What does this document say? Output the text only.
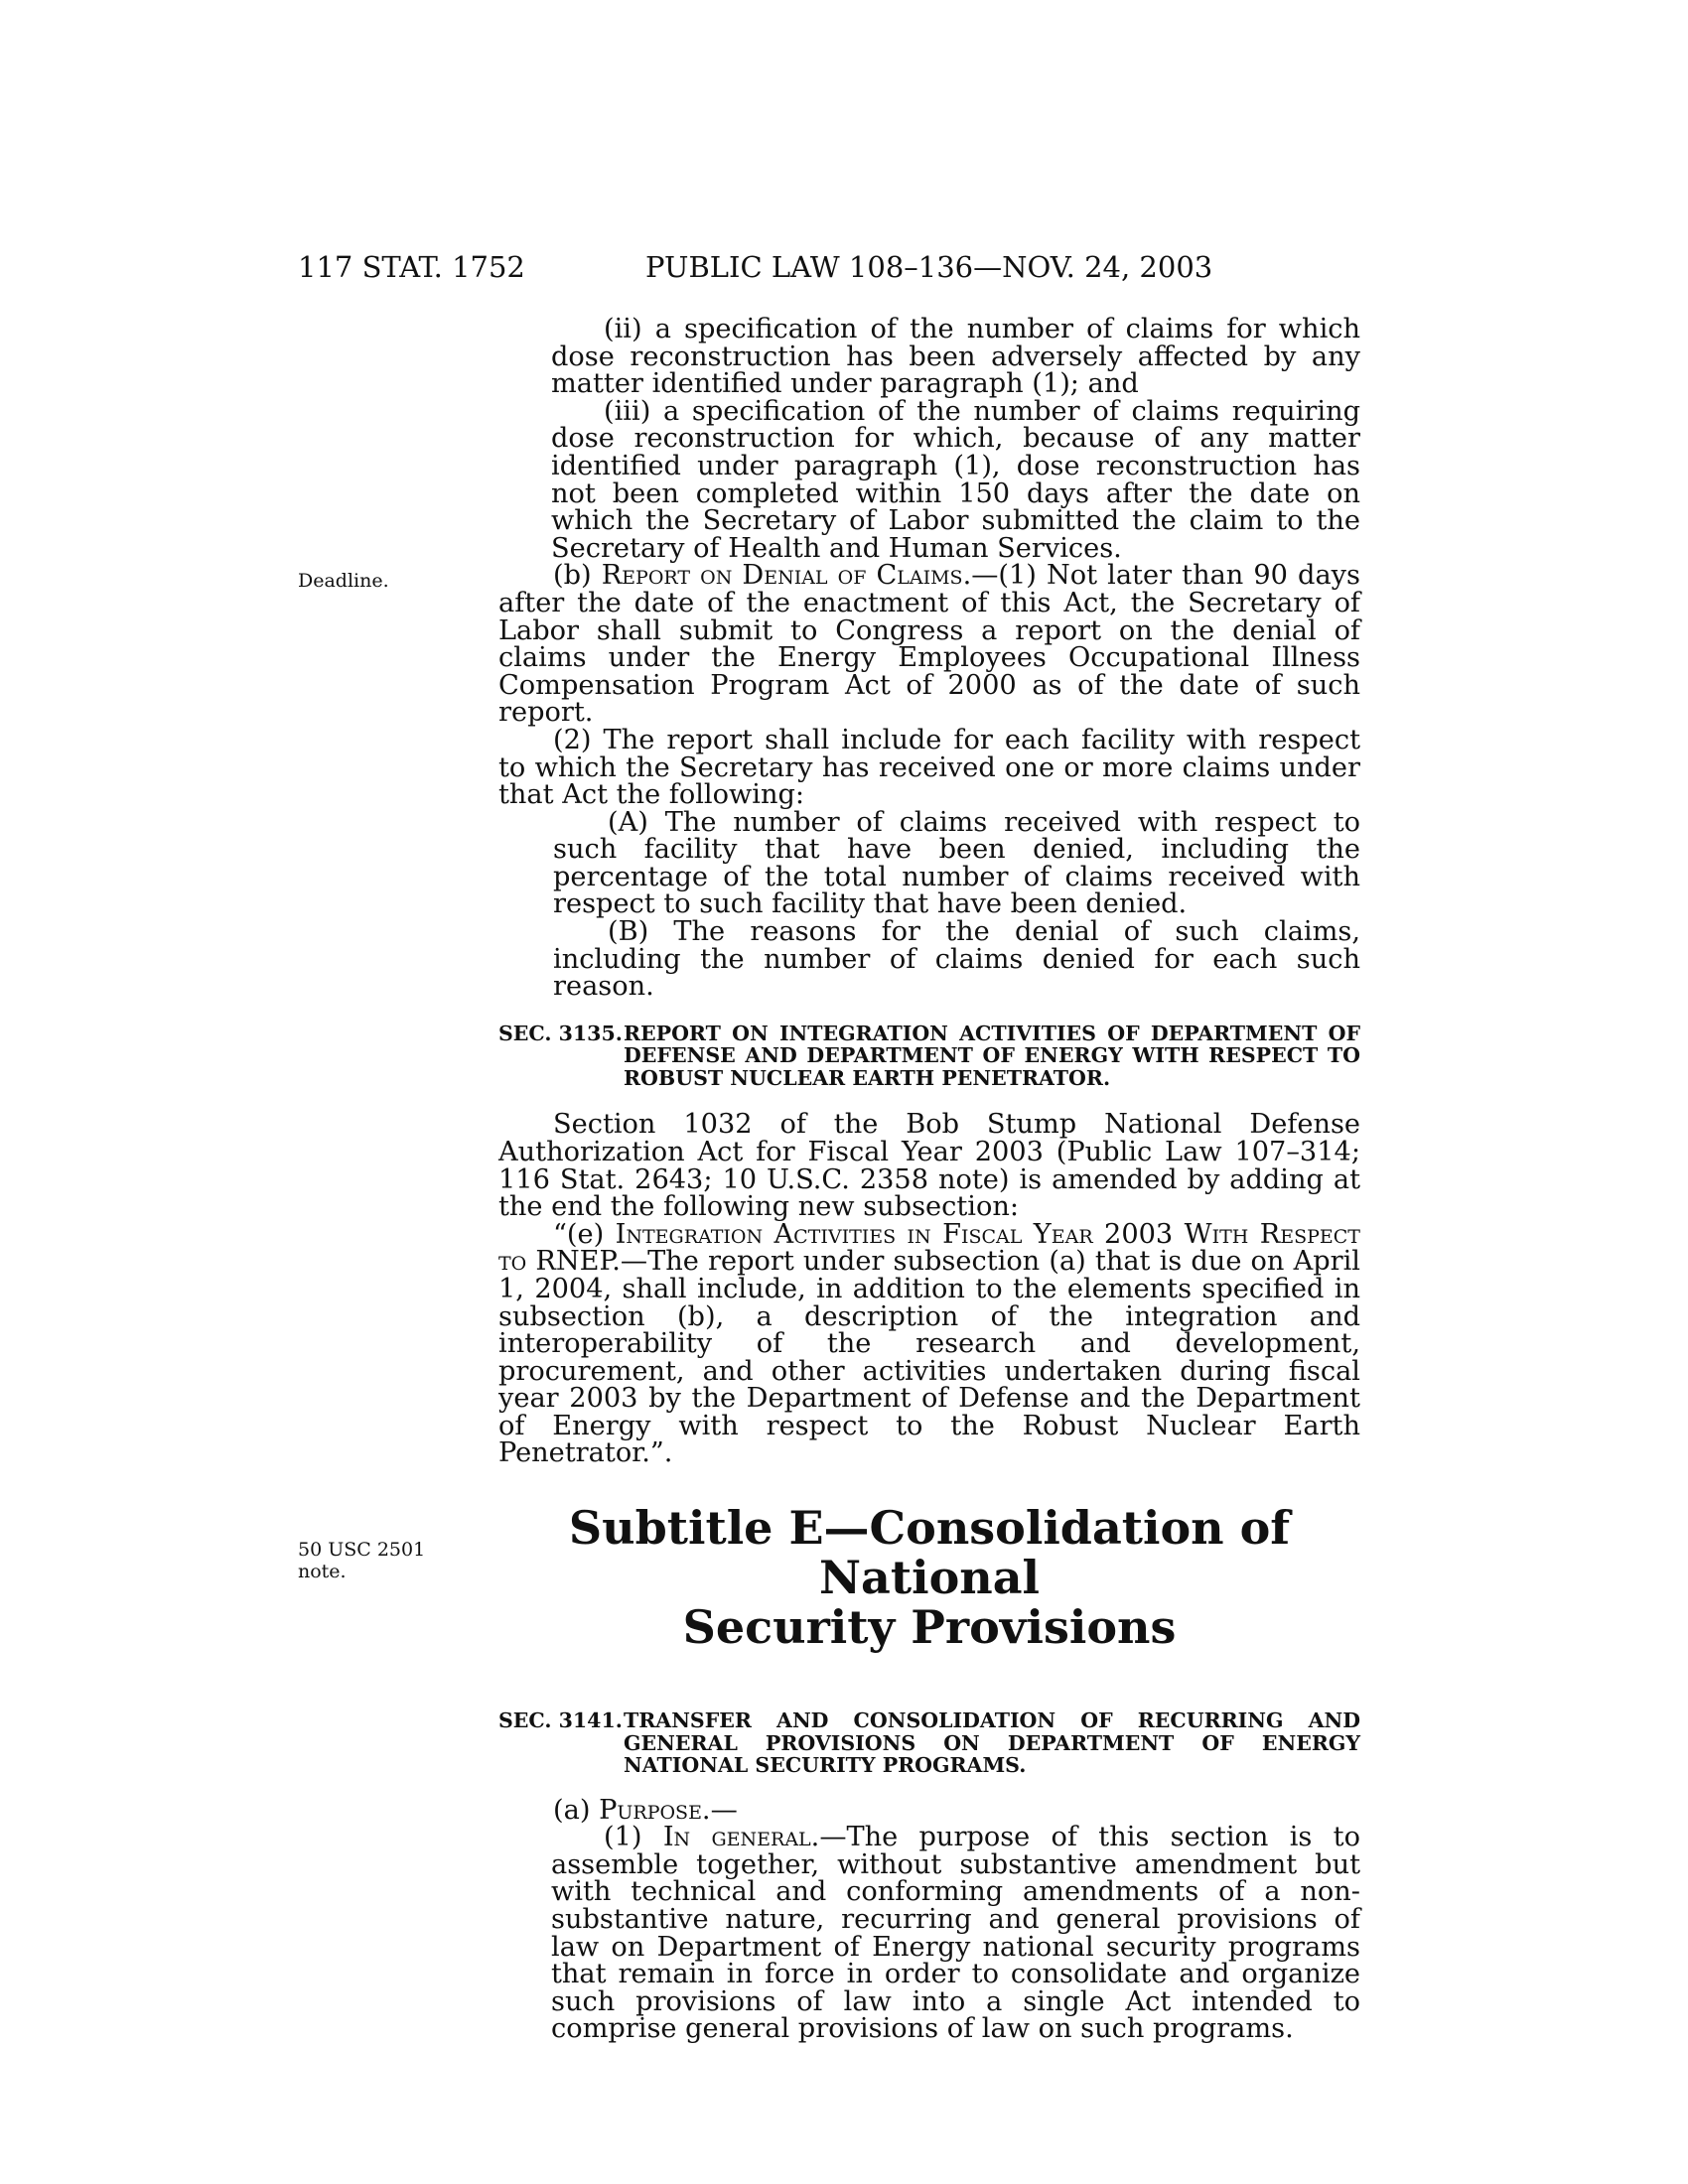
117 STAT. 1752	PUBLIC LAW 108–136—NOV. 24, 2003
Deadline.
50 USC 2501
note.

(ii) a specification of the number of claims for which dose reconstruction has been adversely affected by any matter identified under paragraph (1); and

(iii) a specification of the number of claims requiring dose reconstruction for which, because of any matter identified under paragraph (1), dose reconstruction has not been completed within 150 days after the date on which the Secretary of Labor submitted the claim to the Secretary of Health and Human Services.

(b) Report on Denial of Claims.—(1) Not later than 90 days after the date of the enactment of this Act, the Secretary of Labor shall submit to Congress a report on the denial of claims under the Energy Employees Occupational Illness Compensation Program Act of 2000 as of the date of such report.

(2) The report shall include for each facility with respect to which the Secretary has received one or more claims under that Act the following:

(A) The number of claims received with respect to such facility that have been denied, including the percentage of the total number of claims received with respect to such facility that have been denied.

(B) The reasons for the denial of such claims, including the number of claims denied for each such reason.

SEC. 3135. REPORT ON INTEGRATION ACTIVITIES OF DEPARTMENT OF DEFENSE AND DEPARTMENT OF ENERGY WITH RESPECT TO ROBUST NUCLEAR EARTH PENETRATOR.

Section 1032 of the Bob Stump National Defense Authorization Act for Fiscal Year 2003 (Public Law 107–314; 116 Stat. 2643; 10 U.S.C. 2358 note) is amended by adding at the end the following new subsection:

“(e) Integration Activities in Fiscal Year 2003 With Respect to RNEP.—The report under subsection (a) that is due on April 1, 2004, shall include, in addition to the elements specified in subsection (b), a description of the integration and interoperability of the research and development, procurement, and other activities undertaken during fiscal year 2003 by the Department of Defense and the Department of Energy with respect to the Robust Nuclear Earth Penetrator.”.

Subtitle E—Consolidation of National

Security Provisions

SEC. 3141. TRANSFER AND CONSOLIDATION OF RECURRING AND GENERAL PROVISIONS ON DEPARTMENT OF ENERGY NATIONAL SECURITY PROGRAMS.

(a) Purpose.—

(1) In general.—The purpose of this section is to assemble together, without substantive amendment but with technical and conforming amendments of a non-substantive nature, recurring and general provisions of law on Department of Energy national security programs that remain in force in order to consolidate and organize such provisions of law into a single Act intended to comprise general provisions of law on such programs.
